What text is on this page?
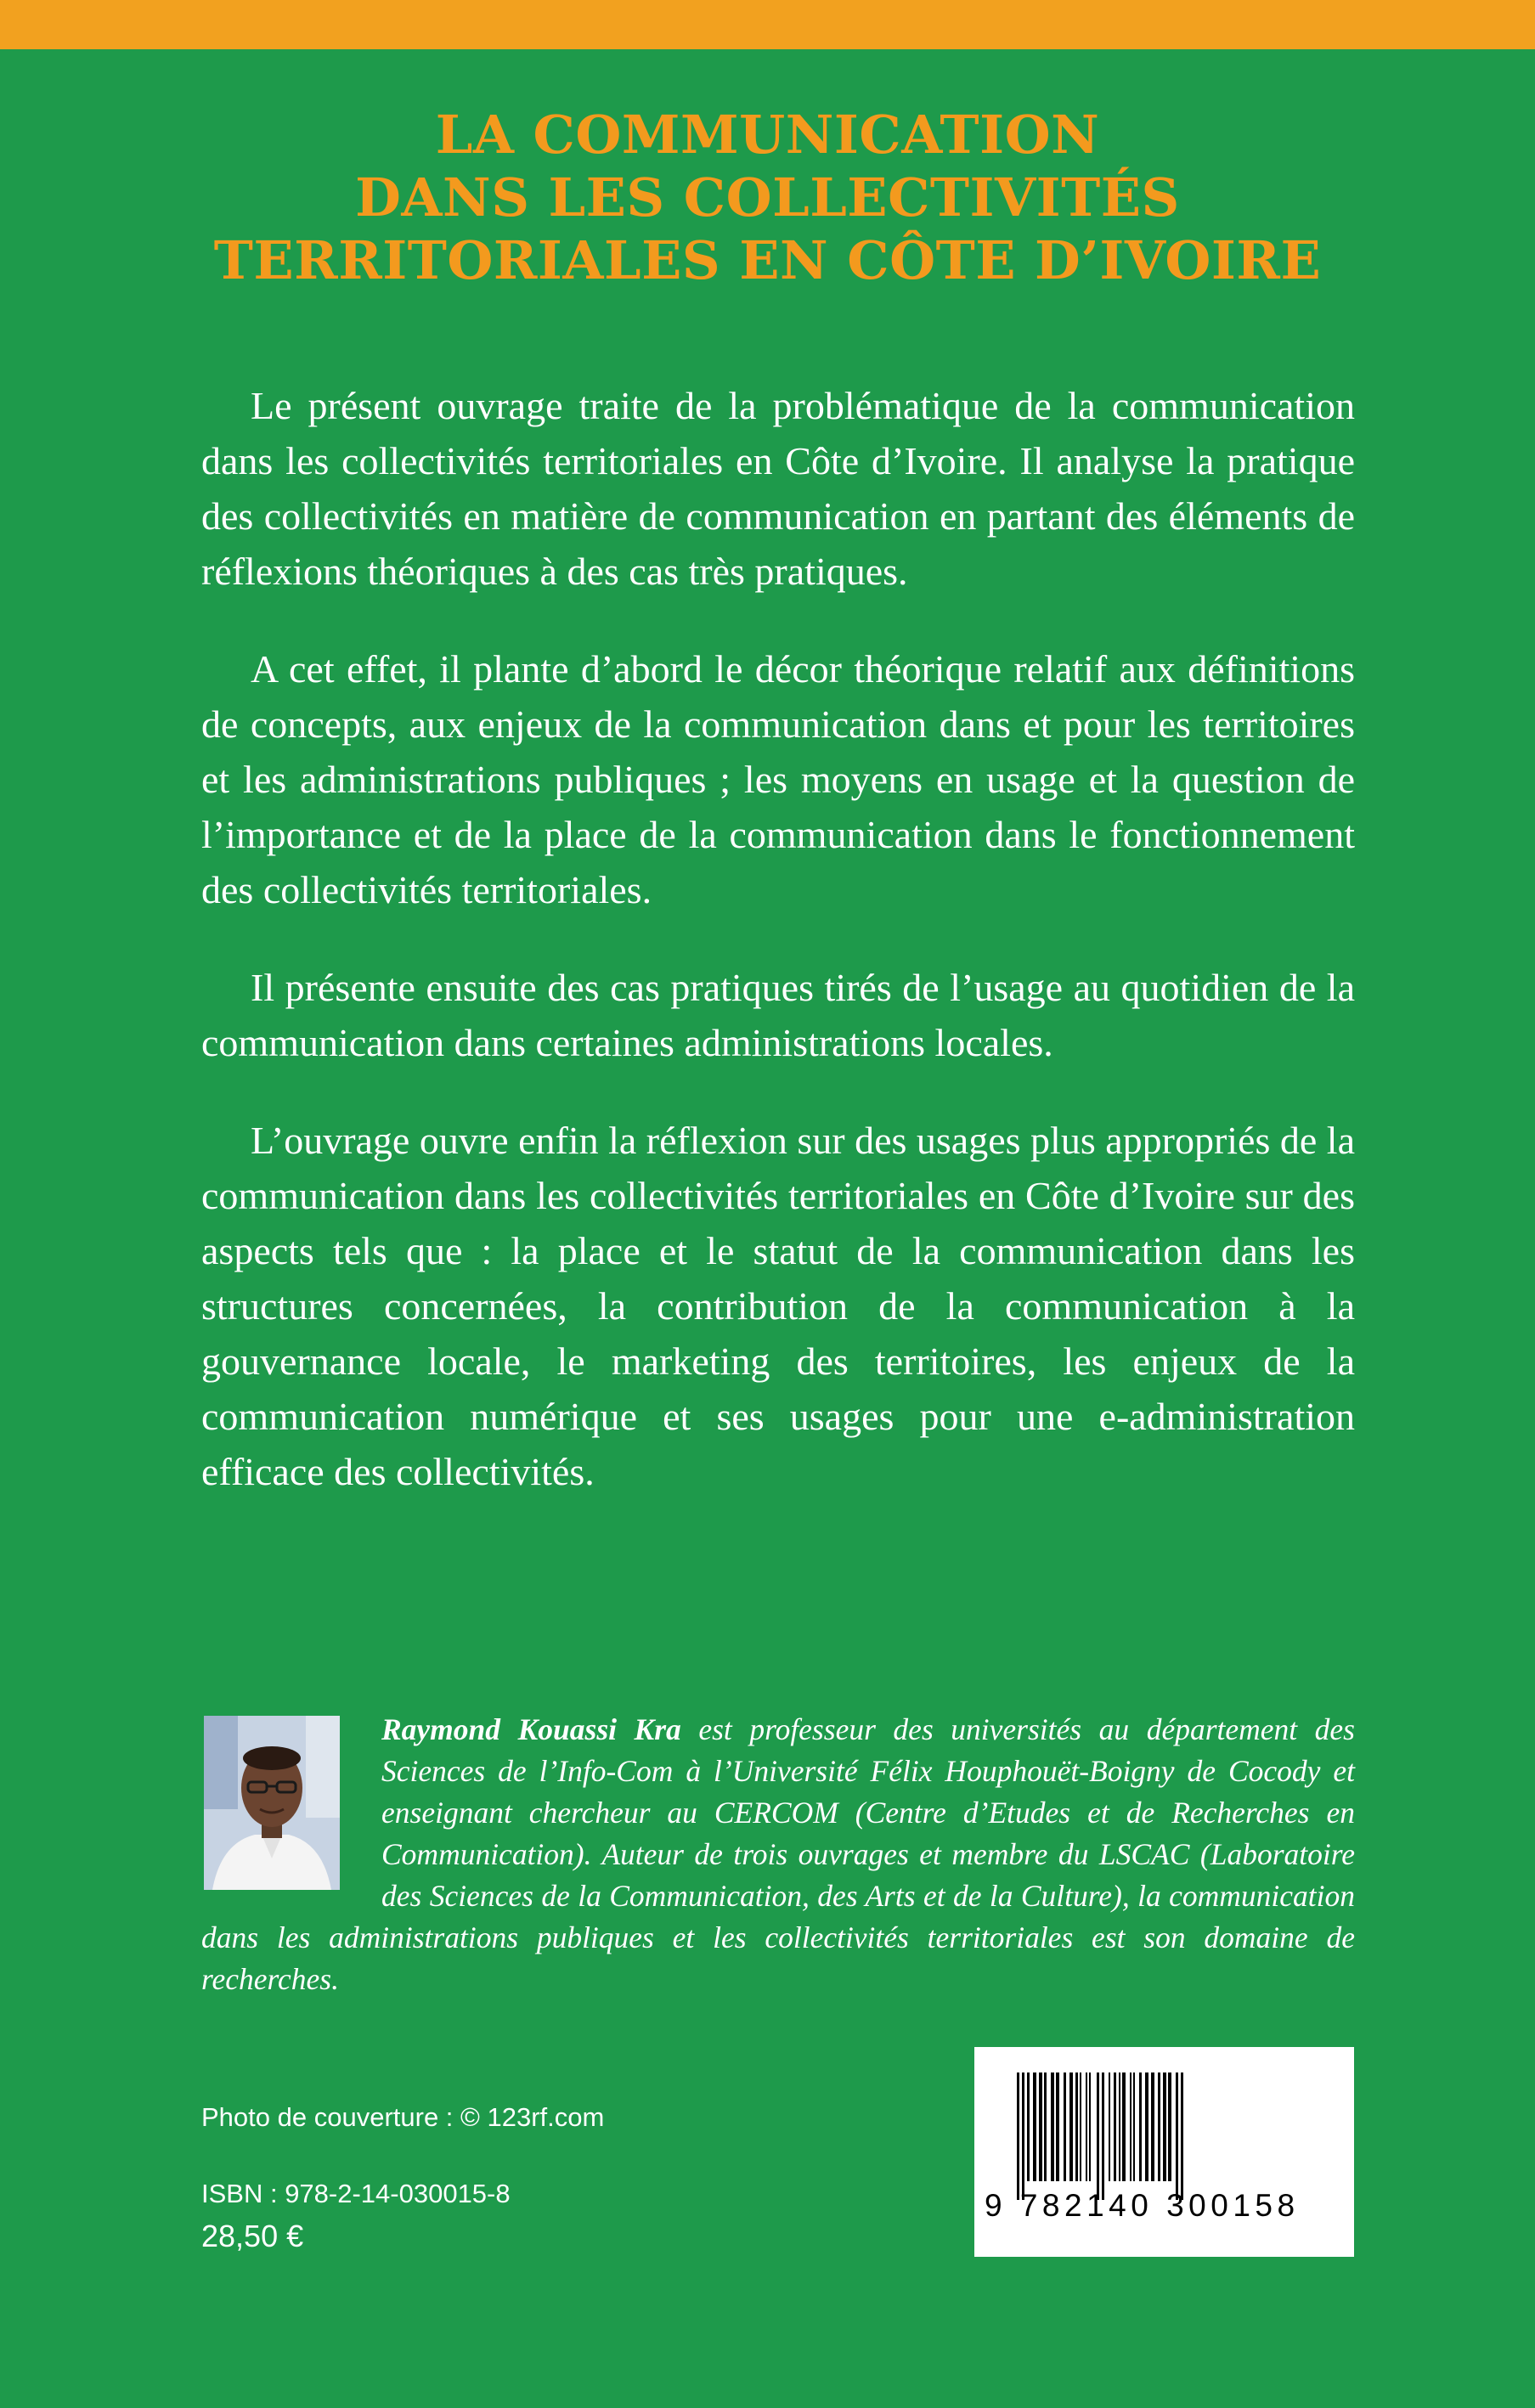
LA COMMUNICATION
DANS LES COLLECTIVITÉS
TERRITORIALES EN CÔTE D’IVOIRE

Le présent ouvrage traite de la problématique de la communication dans les collectivités territoriales en Côte d’Ivoire. Il analyse la pratique des collectivités en matière de communication en partant des éléments de réflexions théoriques à des cas très pratiques.

A cet effet, il plante d’abord le décor théorique relatif aux définitions de concepts, aux enjeux de la communication dans et pour les territoires et les administrations publiques ; les moyens en usage et la question de l’importance et de la place de la communication dans le fonctionnement des collectivités territoriales.

Il présente ensuite des cas pratiques tirés de l’usage au quotidien de la communication dans certaines administrations locales.

L’ouvrage ouvre enfin la réflexion sur des usages plus appropriés de la communication dans les collectivités territoriales en Côte d’Ivoire sur des aspects tels que : la place et le statut de la communication dans les structures concernées, la contribution de la communication à la gouvernance locale, le marketing des territoires, les enjeux de la communication numérique et ses usages pour une e-administration efficace des collectivités.

Raymond Kouassi Kra est professeur des universités au département des Sciences de l’Info-Com à l’Université Félix Houphouët-Boigny de Cocody et enseignant chercheur au CERCOM (Centre d’Etudes et de Recherches en Communication). Auteur de trois ouvrages et membre du LSCAC (Laboratoire des Sciences de la Communication, des Arts et de la Culture), la communication dans les administrations publiques et les collectivités territoriales est son domaine de recherches.
Photo de couverture : © 123rf.com
ISBN : 978-2-14-030015-8
28,50 €
9 782140 300158
